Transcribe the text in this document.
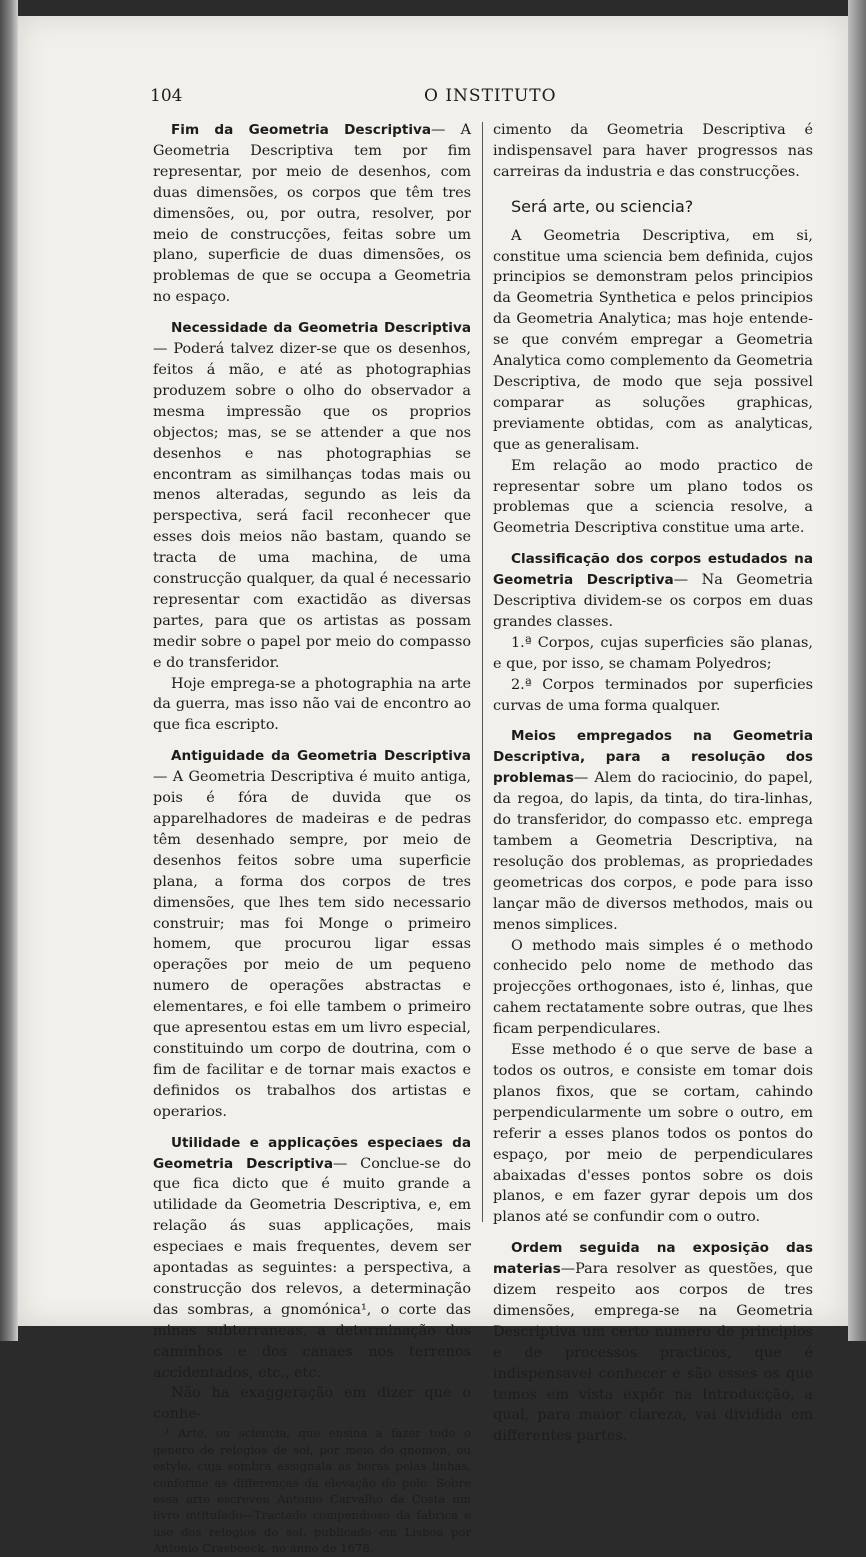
104	O INSTITUTO

Fim da Geometria Descriptiva— A Geometria Descriptiva tem por fim representar, por meio de desenhos, com duas dimensões, os corpos que têm tres dimensões, ou, por outra, resolver, por meio de construcções, feitas sobre um plano, superficie de duas dimensões, os problemas de que se occupa a Geometria no espaço.

Necessidade da Geometria Descriptiva— Poderá talvez dizer-se que os desenhos, feitos á mão, e até as photographias produzem sobre o olho do observador a mesma impressão que os proprios objectos; mas, se se attender a que nos desenhos e nas photographias se encontram as similhanças todas mais ou menos alteradas, segundo as leis da perspectiva, será facil reconhecer que esses dois meios não bastam, quando se tracta de uma machina, de uma construcção qualquer, da qual é necessario representar com exactidão as diversas partes, para que os artistas as possam medir sobre o papel por meio do compasso e do transferidor.

Hoje emprega-se a photographia na arte da guerra, mas isso não vai de encontro ao que fica escripto.

Antiguidade da Geometria Descriptiva— A Geometria Descriptiva é muito antiga, pois é fóra de duvida que os apparelhadores de madeiras e de pedras têm desenhado sempre, por meio de desenhos feitos sobre uma superficie plana, a forma dos corpos de tres dimensões, que lhes tem sido necessario construir; mas foi Monge o primeiro homem, que procurou ligar essas operações por meio de um pequeno numero de operações abstractas e elementares, e foi elle tambem o primeiro que apresentou estas em um livro especial, constituindo um corpo de doutrina, com o fim de facilitar e de tornar mais exactos e definidos os trabalhos dos artistas e operarios.

Utilidade e applicações especiaes da Geometria Descriptiva— Conclue-se do que fica dicto que é muito grande a utilidade da Geometria Descriptiva, e, em relação ás suas applicações, mais especiaes e mais frequentes, devem ser apontadas as seguintes: a perspectiva, a construcção dos relevos, a determinação das sombras, a gnomónica¹, o corte das minas subterraneas, a determinação dos caminhos e dos canaes nos terrenos accidentados, etc., etc.

Não ha exaggeração em dizer que o conhe-

¹ Arte, ou sciencia, que ensina a fazer todo o genero de relogios de sol, por meio do gnomon, ou estylo, cuja sombra assignala as horas pelas linhas, conforme as differenças da elevação do polo. Sobre essa arte escreveu Antonio Carvalho da Costa um livro intitulado—Tractado compendioso da fabrica e uso dos relogios do sol, publicado em Lisboa por Antonio Crasbeeck, no anno de 1678.

cimento da Geometria Descriptiva é indispensavel para haver progressos nas carreiras da industria e das construcções.

Será arte, ou sciencia?

A Geometria Descriptiva, em si, constitue uma sciencia bem definida, cujos principios se demonstram pelos principios da Geometria Synthetica e pelos principios da Geometria Analytica; mas hoje entende-se que convém empregar a Geometria Analytica como complemento da Geometria Descriptiva, de modo que seja possivel comparar as soluções graphicas, previamente obtidas, com as analyticas, que as generalisam.

Em relação ao modo practico de representar sobre um plano todos os problemas que a sciencia resolve, a Geometria Descriptiva constitue uma arte.

Classificação dos corpos estudados na Geometria Descriptiva— Na Geometria Descriptiva dividem-se os corpos em duas grandes classes.

1.ª Corpos, cujas superficies são planas, e que, por isso, se chamam Polyedros;

2.ª Corpos terminados por superficies curvas de uma forma qualquer.

Meios empregados na Geometria Descriptiva, para a resolução dos problemas— Alem do raciocinio, do papel, da regoa, do lapis, da tinta, do tira-linhas, do transferidor, do compasso etc. emprega tambem a Geometria Descriptiva, na resolução dos problemas, as propriedades geometricas dos corpos, e pode para isso lançar mão de diversos methodos, mais ou menos simplices.

O methodo mais simples é o methodo conhecido pelo nome de methodo das projecções orthogonaes, isto é, linhas, que cahem rectatamente sobre outras, que lhes ficam perpendiculares.

Esse methodo é o que serve de base a todos os outros, e consiste em tomar dois planos fixos, que se cortam, cahindo perpendicularmente um sobre o outro, em referir a esses planos todos os pontos do espaço, por meio de perpendiculares abaixadas d'esses pontos sobre os dois planos, e em fazer gyrar depois um dos planos até se confundir com o outro.

Ordem seguida na exposição das materias—Para resolver as questões, que dizem respeito aos corpos de tres dimensões, emprega-se na Geometria Descriptiva um certo numero de principios e de processos practicos, que é indispensavel conhecer e são esses os que temos em vista expôr na Introducção, a qual, para maior clareza, vai dividida em differentes partes.
